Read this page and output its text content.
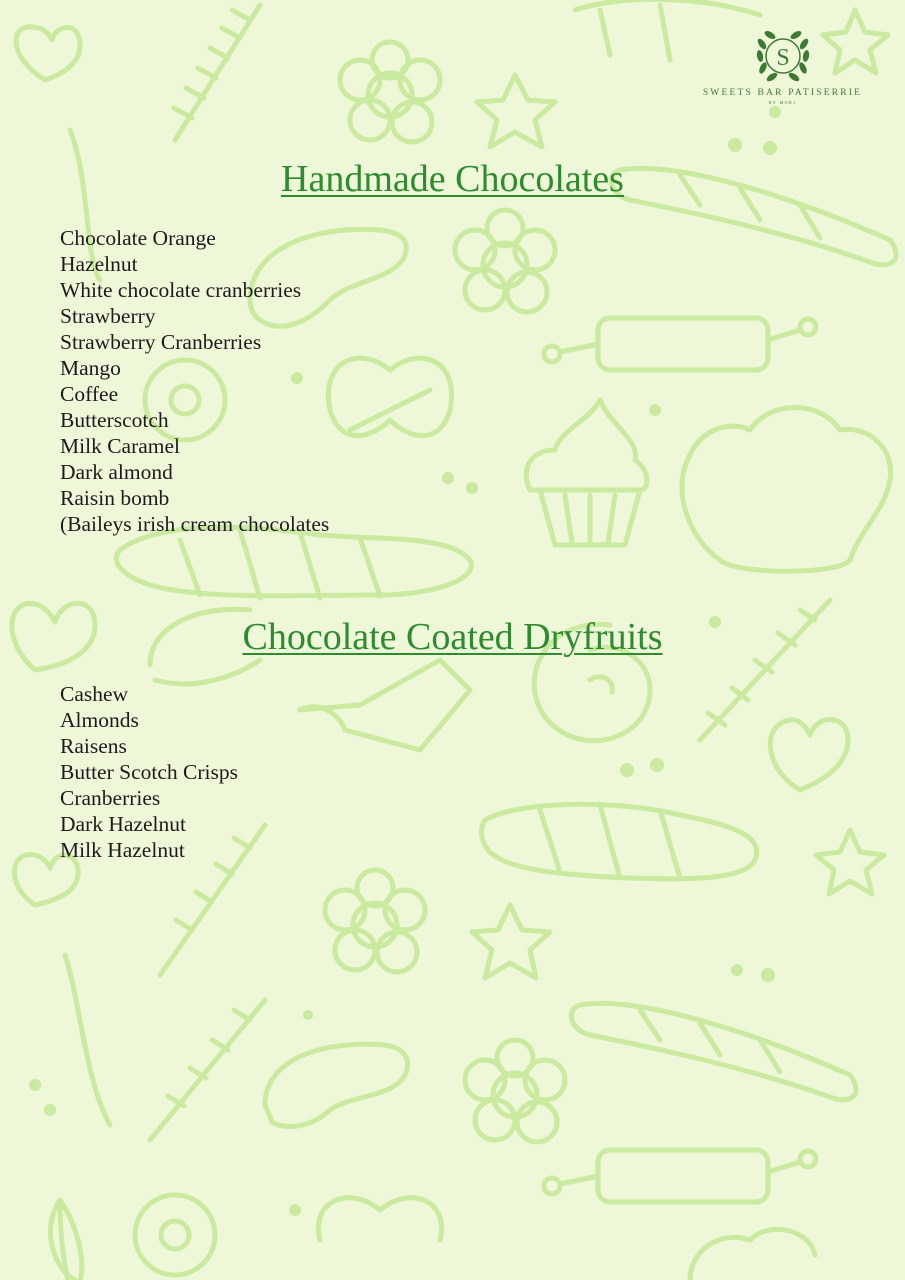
S
SWEETS BAR PATISERRIE
BY MORJ
Handmade Chocolates
Chocolate Orange
Hazelnut
White chocolate cranberries
Strawberry
Strawberry Cranberries
Mango
Coffee
Butterscotch
Milk Caramel
Dark almond
Raisin bomb
(Baileys irish cream chocolates
Chocolate Coated Dryfruits
Cashew
Almonds
Raisens
Butter Scotch Crisps
Cranberries
Dark Hazelnut
Milk Hazelnut
